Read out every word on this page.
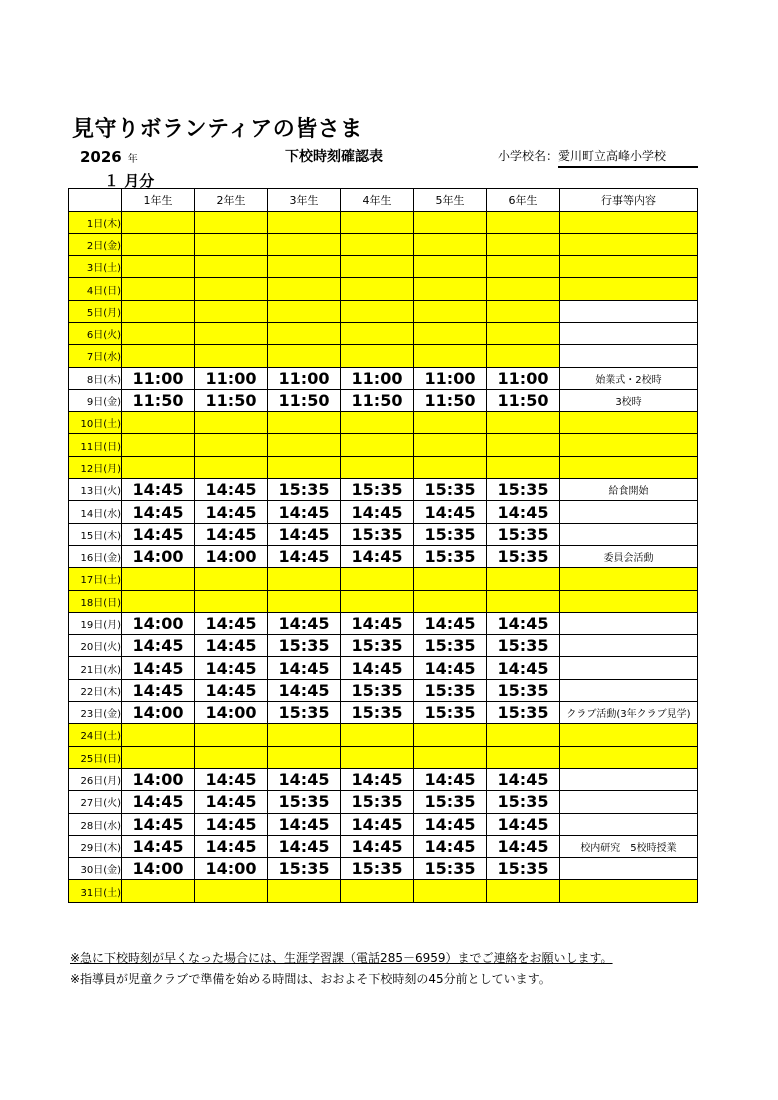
見守りボランティアの皆さま
2026 年	下校時刻確認表	小学校名：愛川町立高峰小学校
１ 月分
	1年生	2年生	3年生	4年生	5年生	6年生	行事等内容
1日(木)							
2日(金)							
3日(土)							
4日(日)							
5日(月)							
6日(火)							
7日(水)							
8日(木)	11:00	11:00	11:00	11:00	11:00	11:00	始業式・2校時
9日(金)	11:50	11:50	11:50	11:50	11:50	11:50	3校時
10日(土)							
11日(日)							
12日(月)							
13日(火)	14:45	14:45	15:35	15:35	15:35	15:35	給食開始
14日(水)	14:45	14:45	14:45	14:45	14:45	14:45	
15日(木)	14:45	14:45	14:45	15:35	15:35	15:35	
16日(金)	14:00	14:00	14:45	14:45	15:35	15:35	委員会活動
17日(土)							
18日(日)							
19日(月)	14:00	14:45	14:45	14:45	14:45	14:45	
20日(火)	14:45	14:45	15:35	15:35	15:35	15:35	
21日(水)	14:45	14:45	14:45	14:45	14:45	14:45	
22日(木)	14:45	14:45	14:45	15:35	15:35	15:35	
23日(金)	14:00	14:00	15:35	15:35	15:35	15:35	クラブ活動(3年クラブ見学)
24日(土)							
25日(日)							
26日(月)	14:00	14:45	14:45	14:45	14:45	14:45	
27日(火)	14:45	14:45	15:35	15:35	15:35	15:35	
28日(水)	14:45	14:45	14:45	14:45	14:45	14:45	
29日(木)	14:45	14:45	14:45	14:45	14:45	14:45	校内研究　5校時授業
30日(金)	14:00	14:00	15:35	15:35	15:35	15:35	
31日(土)							
※急に下校時刻が早くなった場合には、生涯学習課（電話285－6959）までご連絡をお願いします。
※指導員が児童クラブで準備を始める時間は、おおよそ下校時刻の45分前としています。
